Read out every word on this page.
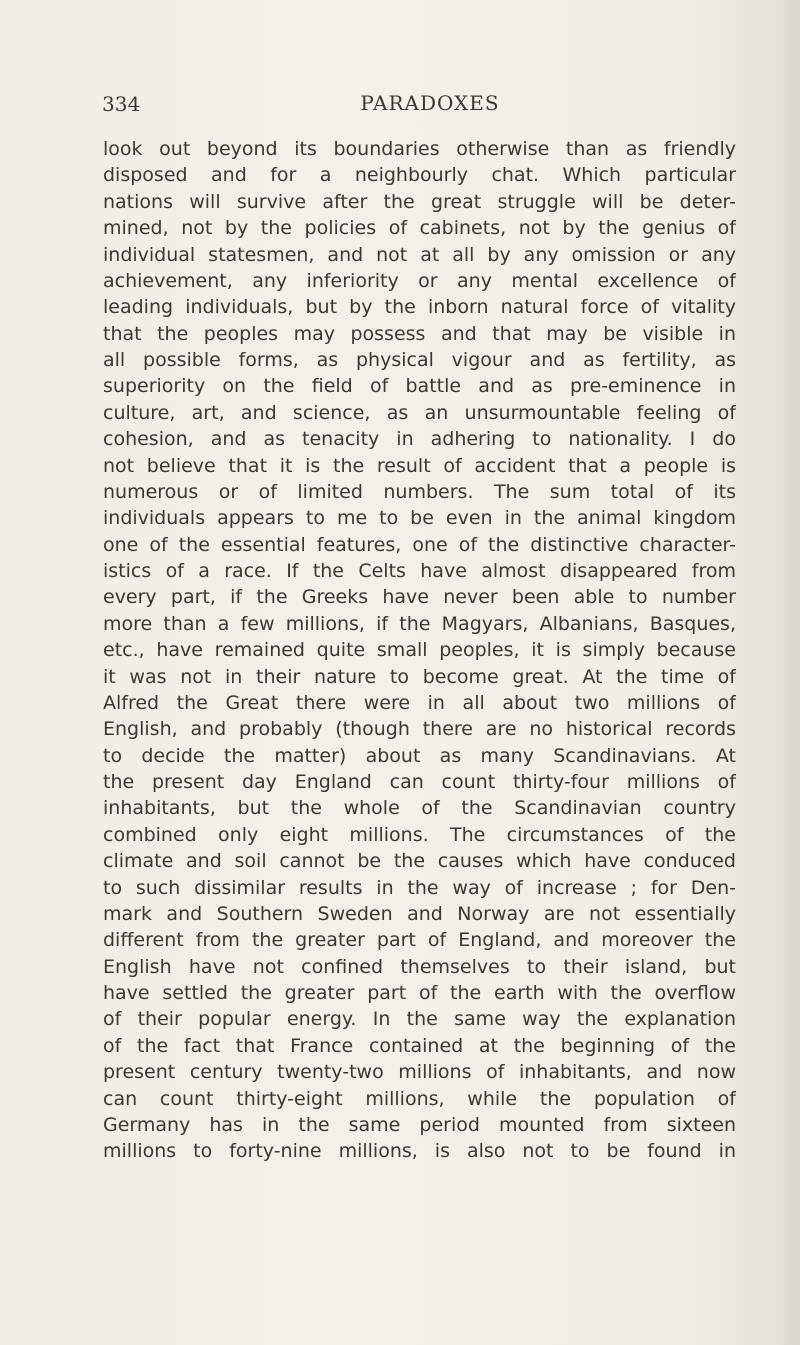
334	PARADOXES
look out beyond its boundaries otherwise than as friendly
disposed and for a neighbourly chat. Which particular
nations will survive after the great struggle will be deter-
mined, not by the policies of cabinets, not by the genius of
individual statesmen, and not at all by any omission or any
achievement, any inferiority or any mental excellence of
leading individuals, but by the inborn natural force of vitality
that the peoples may possess and that may be visible in
all possible forms, as physical vigour and as fertility, as
superiority on the field of battle and as pre-eminence in
culture, art, and science, as an unsurmountable feeling of
cohesion, and as tenacity in adhering to nationality. I do
not believe that it is the result of accident that a people is
numerous or of limited numbers. The sum total of its
individuals appears to me to be even in the animal kingdom
one of the essential features, one of the distinctive character-
istics of a race. If the Celts have almost disappeared from
every part, if the Greeks have never been able to number
more than a few millions, if the Magyars, Albanians, Basques,
etc., have remained quite small peoples, it is simply because
it was not in their nature to become great. At the time of
Alfred the Great there were in all about two millions of
English, and probably (though there are no historical records
to decide the matter) about as many Scandinavians. At
the present day England can count thirty-four millions of
inhabitants, but the whole of the Scandinavian country
combined only eight millions. The circumstances of the
climate and soil cannot be the causes which have conduced
to such dissimilar results in the way of increase ; for Den-
mark and Southern Sweden and Norway are not essentially
different from the greater part of England, and moreover the
English have not confined themselves to their island, but
have settled the greater part of the earth with the overflow
of their popular energy. In the same way the explanation
of the fact that France contained at the beginning of the
present century twenty-two millions of inhabitants, and now
can count thirty-eight millions, while the population of
Germany has in the same period mounted from sixteen
millions to forty-nine millions, is also not to be found in
